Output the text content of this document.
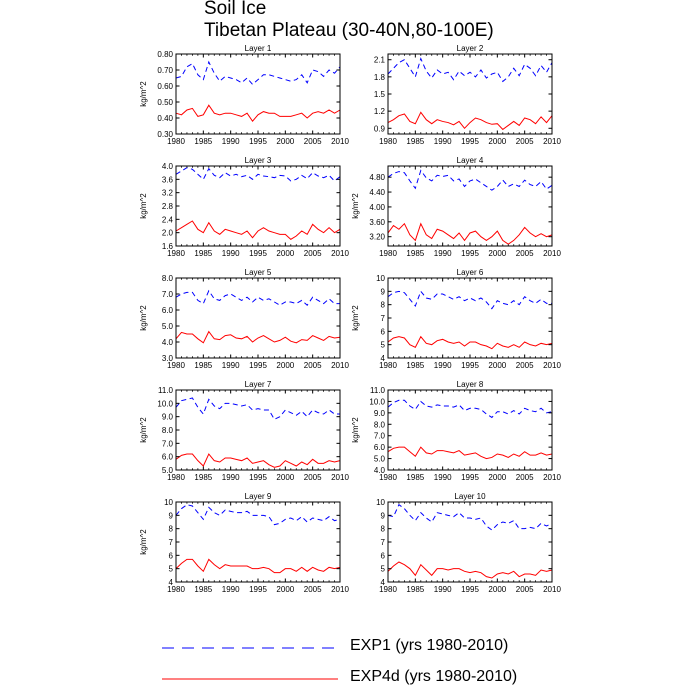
Soil Ice
Tibetan Plateau (30-40N,80-100E)
Layer 1
1980 1985 1990 1995 2000 2005 2010
0.30
0.40
0.50
0.60
0.70
0.80
kg/m^2
Layer 2
1980 1985 1990 1995 2000 2005 2010
0.9
1.2
1.5
1.8
2.1
Layer 3
1980 1985 1990 1995 2000 2005 2010
1.6
2.0
2.4
2.8
3.2
3.6
4.0
kg/m^2
Layer 4
1980 1985 1990 1995 2000 2005 2010
3.20
3.60
4.00
4.40
4.80
kg/m^2
Layer 5
1980 1985 1990 1995 2000 2005 2010
3.0
4.0
5.0
6.0
7.0
8.0
kg/m^2
Layer 6
1980 1985 1990 1995 2000 2005 2010
4
5
6
7
8
9
10
kg/m^2
Layer 7
1980 1985 1990 1995 2000 2005 2010
5.0
6.0
7.0
8.0
9.0
10.0
11.0
kg/m^2
Layer 8
1980 1985 1990 1995 2000 2005 2010
4.0
5.0
6.0
7.0
8.0
9.0
10.0
11.0
kg/m^2
Layer 9
1980 1985 1990 1995 2000 2005 2010
4
5
6
7
8
9
10
kg/m^2
Layer 10
1980 1985 1990 1995 2000 2005 2010
4
5
6
7
8
9
10
EXP1 (yrs 1980-2010)
EXP4d (yrs 1980-2010)
